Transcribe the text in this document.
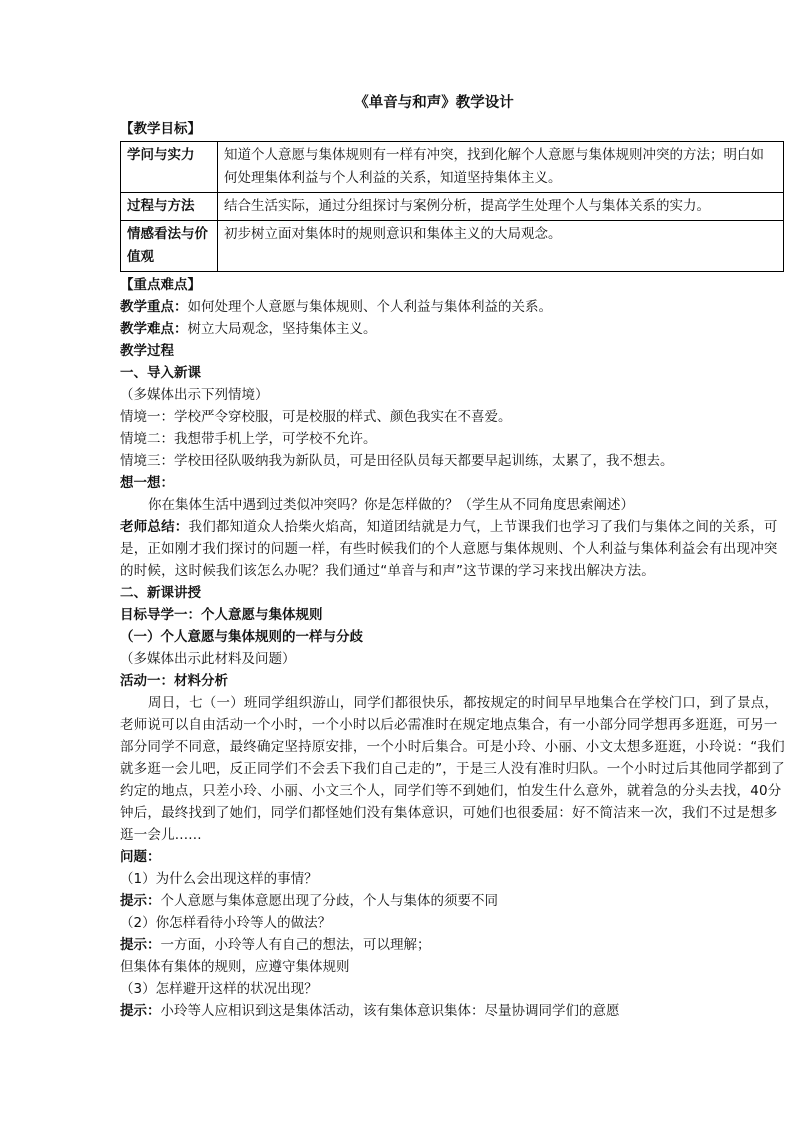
《单音与和声》教学设计
【教学目标】
学问与实力	知道个人意愿与集体规则有一样有冲突，找到化解个人意愿与集体规则冲突的方法；明白如何处理集体利益与个人利益的关系，知道坚持集体主义。
过程与方法	结合生活实际，通过分组探讨与案例分析，提高学生处理个人与集体关系的实力。
情感看法与价值观	初步树立面对集体时的规则意识和集体主义的大局观念。
【重点难点】

教学重点：如何处理个人意愿与集体规则、个人利益与集体利益的关系。

教学难点：树立大局观念，坚持集体主义。

教学过程
一、导入新课

（多媒体出示下列情境）

情境一：学校严令穿校服，可是校服的样式、颜色我实在不喜爱。

情境二：我想带手机上学，可学校不允许。

情境三：学校田径队吸纳我为新队员，可是田径队员每天都要早起训练，太累了，我不想去。

想一想：

你在集体生活中遇到过类似冲突吗？你是怎样做的？（学生从不同角度思索阐述）

老师总结：我们都知道众人拾柴火焰高，知道团结就是力气，上节课我们也学习了我们与集体之间的关系，可是，正如刚才我们探讨的问题一样，有些时候我们的个人意愿与集体规则、个人利益与集体利益会有出现冲突的时候，这时候我们该怎么办呢？我们通过“单音与和声”这节课的学习来找出解决方法。

二、新课讲授
目标导学一：个人意愿与集体规则
（一）个人意愿与集体规则的一样与分歧

（多媒体出示此材料及问题）

活动一：材料分析

周日，七（一）班同学组织游山，同学们都很快乐，都按规定的时间早早地集合在学校门口，到了景点，老师说可以自由活动一个小时，一个小时以后必需准时在规定地点集合，有一小部分同学想再多逛逛，可另一部分同学不同意，最终确定坚持原安排，一个小时后集合。可是小玲、小丽、小文太想多逛逛，小玲说：“我们就多逛一会儿吧，反正同学们不会丢下我们自己走的”，于是三人没有准时归队。一个小时过后其他同学都到了约定的地点，只差小玲、小丽、小文三个人，同学们等不到她们，怕发生什么意外，就着急的分头去找，40分钟后，最终找到了她们，同学们都怪她们没有集体意识，可她们也很委屈：好不简洁来一次，我们不过是想多逛一会儿......

问题：

（1）为什么会出现这样的事情？

提示：个人意愿与集体意愿出现了分歧，个人与集体的须要不同

（2）你怎样看待小玲等人的做法？

提示：一方面，小玲等人有自己的想法，可以理解；

但集体有集体的规则，应遵守集体规则

（3）怎样避开这样的状况出现？

提示：小玲等人应相识到这是集体活动，该有集体意识集体：尽量协调同学们的意愿
